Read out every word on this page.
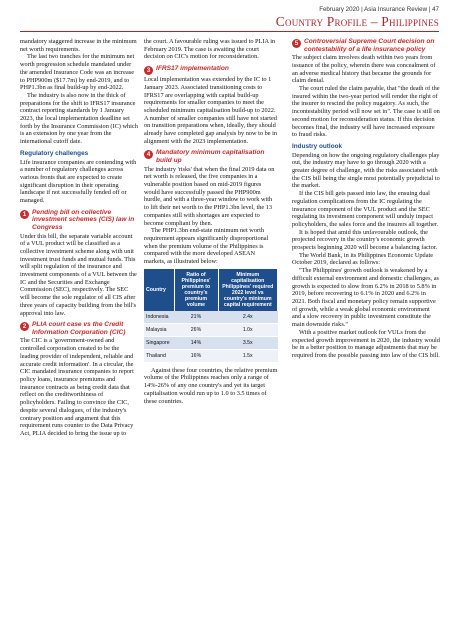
February 2020 | Asia Insurance Review | 47
Country Profile – Philippines

mandatory staggered increase in the minimum net worth requirements.

The last two tranches for the minimum net worth progression schedule mandated under the amended Insurance Code was an increase to PHP900m ($17.7m) by end-2019, and to PHP1.3bn as final build-up by end-2022.

The industry is also now in the thick of preparations for the shift to IFRS17 insurance contract reporting standards by 1 January 2023, the local implementation deadline set forth by the Insurance Commission (IC) which is an extension by one year from the international cutoff date.

Regulatory challenges

Life insurance companies are contending with a number of regulatory challenges across various fronts that are expected to create significant disruption in their operating landscape if not successfully fended off or managed.

1 Pending bill on collective investment schemes (CIS) law in Congress

Under this bill, the separate variable account of a VUL product will be classified as a collective investment scheme along with unit investment trust funds and mutual funds. This will split regulation of the insurance and investment components of a VUL between the IC and the Securities and Exchange Commission (SEC), respectively. The SEC will become the sole regulator of all CIS after three years of capacity building from the bill's approval into law.

2 PLIA court case vs the Credit Information Corporation (CIC)

The CIC is a 'government-owned and controlled corporation created to be the leading provider of independent, reliable and accurate credit information'. In a circular, the CIC mandated insurance companies to report policy loans, insurance premiums and insurance contracts as being credit data that reflect on the creditworthiness of policyholders. Failing to convince the CIC, despite several dialogues, of the industry's contrary position and argument that this requirement runs counter to the Data Privacy Act, PLIA decided to bring the issue up to

the court. A favourable ruling was issued to PLIA in February 2019. The case is awaiting the court decision on CIC's motion for reconsideration.

3 IFRS17 implementation

Local implementation was extended by the IC to 1 January 2023. Associated transitioning costs to IFRS17 are overlapping with capital build-up requirements for smaller companies to meet the scheduled minimum capitalisation build-up to 2022. A number of smaller companies still have not started on transition preparations when, ideally, they should already have completed gap analysis by now to be in alignment with the 2023 implementation.

4 Mandatory minimum capitalisation build up

The industry 'risks' that when the final 2019 data on net worth is released, the five companies in a vulnerable position based on mid-2019 figures would have successfully passed the PHP900m hurdle, and with a three-year window to work with to lift their net worth to the PHP1.3bn level, the 13 companies still with shortages are expected to become compliant by then.

The PHP1.3bn end-state minimum net worth requirement appears significantly disproportional when the premium volume of the Philippines is compared with the more developed ASEAN markets, as illustrated below:

Country	Ratio of Philippines' premium to country's premium volume	Minimum capitalisation Philippines' required 2022 level vs country's minimum capital requirement
Indonesia	21%	2.4x
Malaysia	26%	1.0x
Singapore	14%	3.5x
Thailand	16%	1.5x

Against these four countries, the relative premium volume of the Philippines reaches only a range of 14%-26% of any one country's and yet its target capitalisation would run up to 1.0 to 3.5 times of these countries.

5 Controversial Supreme Court decision on contestability of a life insurance policy

The subject claim involves death within two years from issuance of the policy, wherein there was concealment of an adverse medical history that became the grounds for claim denial.

The court ruled the claim payable, that "the death of the insured within the two-year period will render the right of the insurer to rescind the policy nugatory. As such, the incontestability period will now set in". The case is still on second motion for reconsideration status. If this decision becomes final, the industry will have increased exposure to fraud risks.

Industry outlook

Depending on how the ongoing regulatory challenges play out, the industry may have to go through 2020 with a greater degree of challenge, with the risks associated with the CIS bill being the single most potentially prejudicial to the market.

If the CIS bill gets passed into law, the ensuing dual regulation complications from the IC regulating the insurance component of the VUL product and the SEC regulating its investment component will unduly impact policyholders, the sales force and the insurers all together.

It is hoped that amid this unfavourable outlook, the projected recovery in the country's economic growth prospects beginning 2020 will become a balancing factor.

The World Bank, in its Philippines Economic Update October 2019, declared as follows:

"The Philippines' growth outlook is weakened by a difficult external environment and domestic challenges, as growth is expected to slow from 6.2% in 2018 to 5.8% in 2019, before recovering to 6.1% in 2020 and 6.2% in 2021. Both fiscal and monetary policy remain supportive of growth, while a weak global economic environment and a slow recovery in public investment constitute the main downside risks."

With a positive market outlook for VULs from the expected growth improvement in 2020, the industry would be in a better position to manage adjustments that may be required from the possible passing into law of the CIS bill.
